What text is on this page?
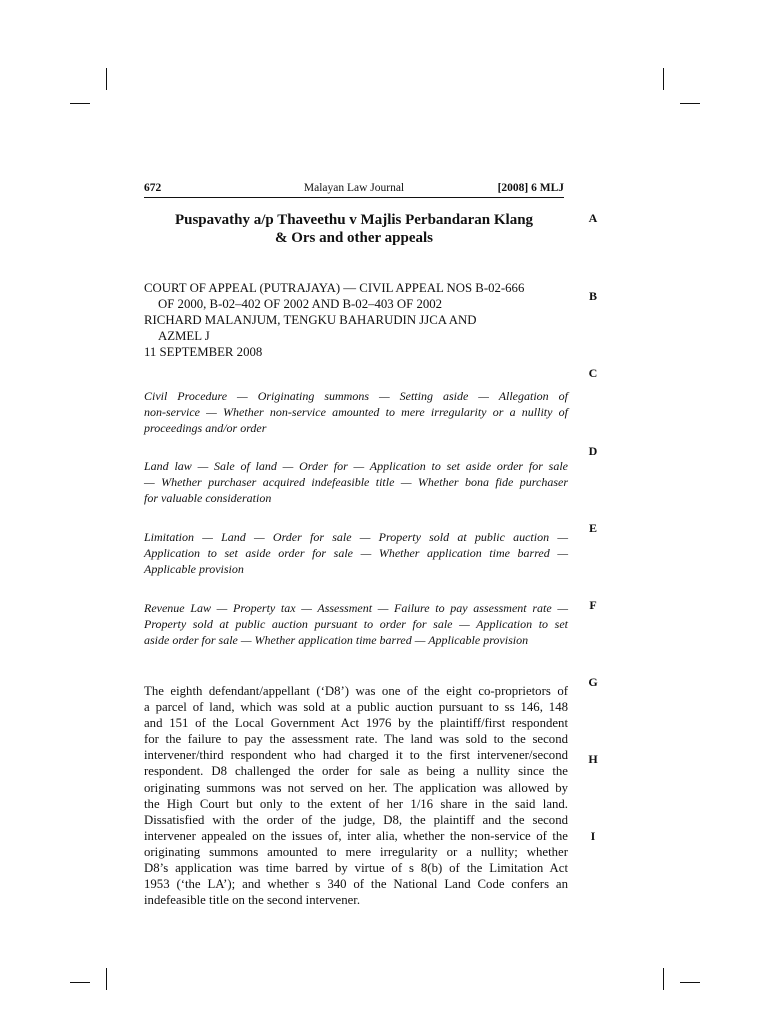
672	Malayan Law Journal	[2008] 6 MLJ
Puspavathy a/p Thaveethu v Majlis Perbandaran Klang
& Ors and other appeals
COURT OF APPEAL (PUTRAJAYA) — CIVIL APPEAL NOS B-02-666
OF 2000, B-02–402 OF 2002 AND B-02–403 OF 2002
RICHARD MALANJUM, TENGKU BAHARUDIN JJCA AND
AZMEL J
11 SEPTEMBER 2008

Civil Procedure — Originating summons — Setting aside — Allegation of
non-service — Whether non-service amounted to mere irregularity or a nullity of
proceedings and/or order

Land law — Sale of land — Order for — Application to set aside order for sale
— Whether purchaser acquired indefeasible title — Whether bona fide purchaser
for valuable consideration

Limitation — Land — Order for sale — Property sold at public auction —
Application to set aside order for sale — Whether application time barred —
Applicable provision

Revenue Law — Property tax — Assessment — Failure to pay assessment rate —
Property sold at public auction pursuant to order for sale — Application to set
aside order for sale — Whether application time barred — Applicable provision

The eighth defendant/appellant (‘D8’) was one of the eight co-proprietors of
a parcel of land, which was sold at a public auction pursuant to ss 146, 148
and 151 of the Local Government Act 1976 by the plaintiff/first respondent
for the failure to pay the assessment rate. The land was sold to the second
intervener/third respondent who had charged it to the first intervener/second
respondent. D8 challenged the order for sale as being a nullity since the
originating summons was not served on her. The application was allowed by
the High Court but only to the extent of her 1/16 share in the said land.
Dissatisfied with the order of the judge, D8, the plaintiff and the second
intervener appealed on the issues of, inter alia, whether the non-service of the
originating summons amounted to mere irregularity or a nullity; whether
D8’s application was time barred by virtue of s 8(b) of the Limitation Act
1953 (‘the LA’); and whether s 340 of the National Land Code confers an
indefeasible title on the second intervener.
A
B
C
D
E
F
G
H
I
